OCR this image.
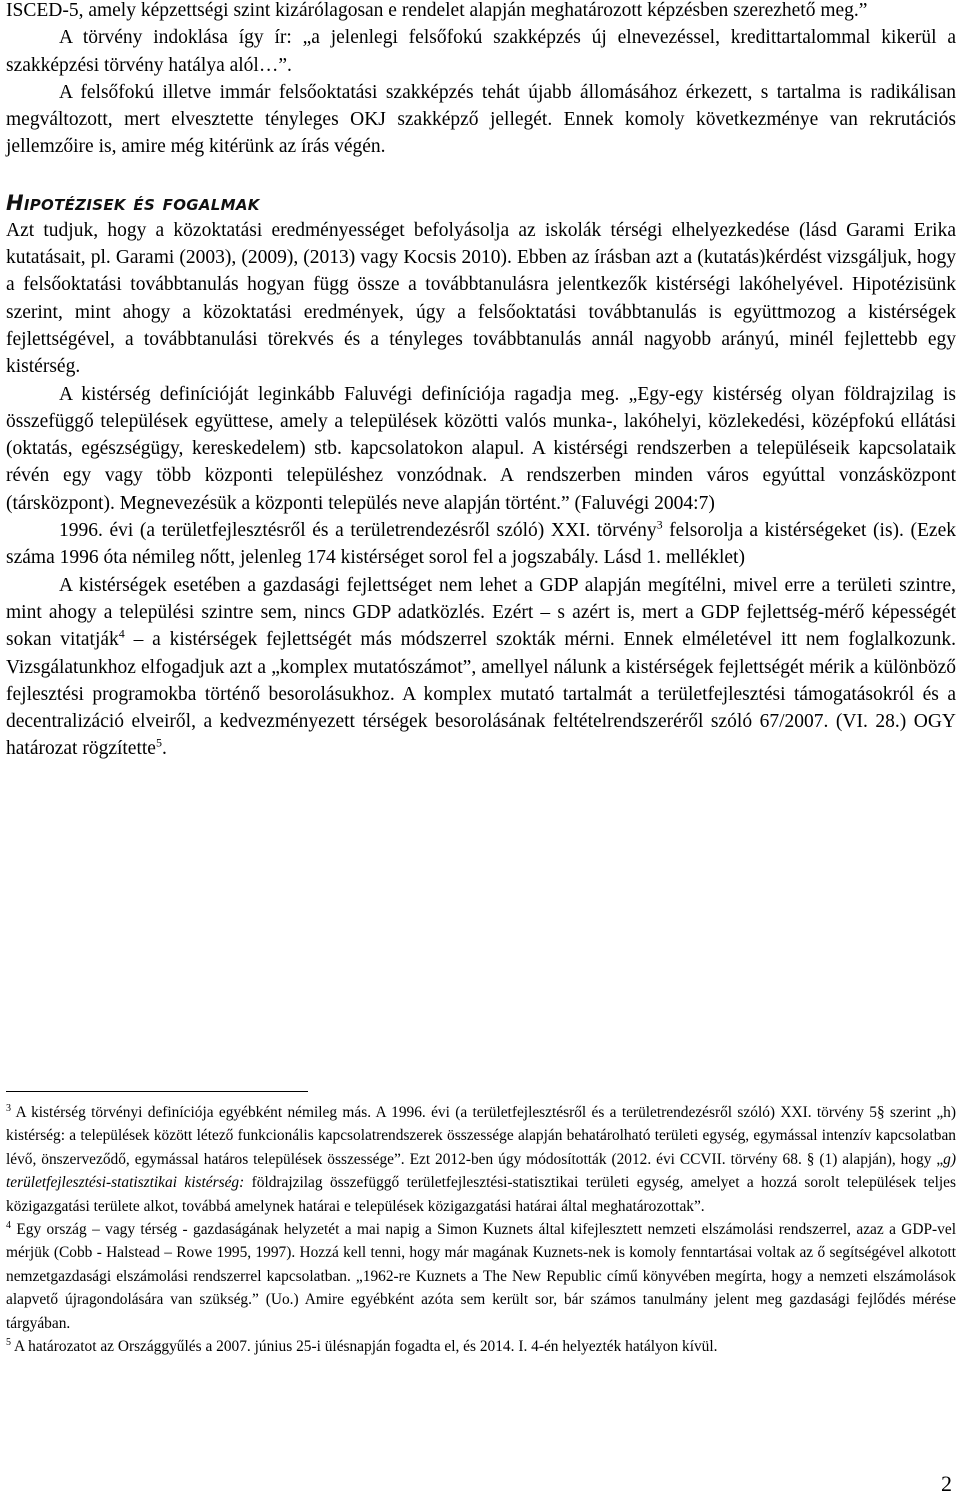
ISCED-5, amely képzettségi szint kizárólagosan e rendelet alapján meghatározott képzésben szerezhető meg.”

A törvény indoklása így ír: „a jelenlegi felsőfokú szakképzés új elnevezéssel, kredittartalommal kikerül a szakképzési törvény hatálya alól…”.

A felsőfokú illetve immár felsőoktatási szakképzés tehát újabb állomásához érkezett, s tartalma is radikálisan megváltozott, mert elvesztette tényleges OKJ szakképző jellegét. Ennek komoly következménye van rekrutációs jellemzőire is, amire még kitérünk az írás végén.

Hipotézisek és fogalmak

Azt tudjuk, hogy a közoktatási eredményességet befolyásolja az iskolák térségi elhelyezkedése (lásd Garami Erika kutatásait, pl. Garami (2003), (2009), (2013) vagy Kocsis 2010). Ebben az írásban azt a (kutatás)kérdést vizsgáljuk, hogy a felsőoktatási továbbtanulás hogyan függ össze a továbbtanulásra jelentkezők kistérségi lakóhelyével. Hipotézisünk szerint, mint ahogy a közoktatási eredmények, úgy a felsőoktatási továbbtanulás is együttmozog a kistérségek fejlettségével, a továbbtanulási törekvés és a tényleges továbbtanulás annál nagyobb arányú, minél fejlettebb egy kistérség.

A kistérség definícióját leginkább Faluvégi definíciója ragadja meg. „Egy-egy kistérség olyan földrajzilag is összefüggő települések együttese, amely a települések közötti valós munka-, lakóhelyi, közlekedési, középfokú ellátási (oktatás, egészségügy, kereskedelem) stb. kapcsolatokon alapul. A kistérségi rendszerben a településeik kapcsolataik révén egy vagy több központi településhez vonzódnak. A rendszerben minden város egyúttal vonzásközpont (társközpont). Megnevezésük a központi település neve alapján történt.” (Faluvégi 2004:7)

1996. évi (a területfejlesztésről és a területrendezésről szóló) XXI. törvény$^3$ felsorolja a kistérségeket (is). (Ezek száma 1996 óta némileg nőtt, jelenleg 174 kistérséget sorol fel a jogszabály. Lásd 1. melléklet)

A kistérségek esetében a gazdasági fejlettséget nem lehet a GDP alapján megítélni, mivel erre a területi szintre, mint ahogy a települési szintre sem, nincs GDP adatközlés. Ezért – s azért is, mert a GDP fejlettség-mérő képességét sokan vitatják$^4$ – a kistérségek fejlettségét más módszerrel szokták mérni. Ennek elméletével itt nem foglalkozunk. Vizsgálatunkhoz elfogadjuk azt a „komplex mutatószámot”, amellyel nálunk a kistérségek fejlettségét mérik a különböző fejlesztési programokba történő besorolásukhoz. A komplex mutató tartalmát a területfejlesztési támogatásokról és a decentralizáció elveiről, a kedvezményezett térségek besorolásának feltételrendszeréről szóló 67/2007. (VI. 28.) OGY határozat rögzítette$^5$.

$^3$ A kistérség törvényi definíciója egyébként némileg más. A 1996. évi (a területfejlesztésről és a területrendezésről szóló) XXI. törvény 5§ szerint „h) kistérség: a települések között létező funkcionális kapcsolatrendszerek összessége alapján behatárolható területi egység, egymással intenzív kapcsolatban lévő, önszerveződő, egymással határos települések összessége”. Ezt 2012-ben úgy módosították (2012. évi CCVII. törvény 68. § (1) alapján), hogy „g) területfejlesztési-statisztikai kistérség: földrajzilag összefüggő területfejlesztési-statisztikai területi egység, amelyet a hozzá sorolt települések teljes közigazgatási területe alkot, továbbá amelynek határai e települések közigazgatási határai által meghatározottak”.

$^4$ Egy ország – vagy térség - gazdaságának helyzetét a mai napig a Simon Kuznets által kifejlesztett nemzeti elszámolási rendszerrel, azaz a GDP-vel mérjük (Cobb - Halstead – Rowe 1995, 1997). Hozzá kell tenni, hogy már magának Kuznets-nek is komoly fenntartásai voltak az ő segítségével alkotott nemzetgazdasági elszámolási rendszerrel kapcsolatban. „1962-re Kuznets a The New Republic című könyvében megírta, hogy a nemzeti elszámolások alapvető újragondolására van szükség.” (Uo.) Amire egyébként azóta sem került sor, bár számos tanulmány jelent meg gazdasági fejlődés mérése tárgyában.

$^5$ A határozatot az Országgyűlés a 2007. június 25-i ülésnapján fogadta el, és 2014. I. 4-én helyezték hatályon kívül.

2
